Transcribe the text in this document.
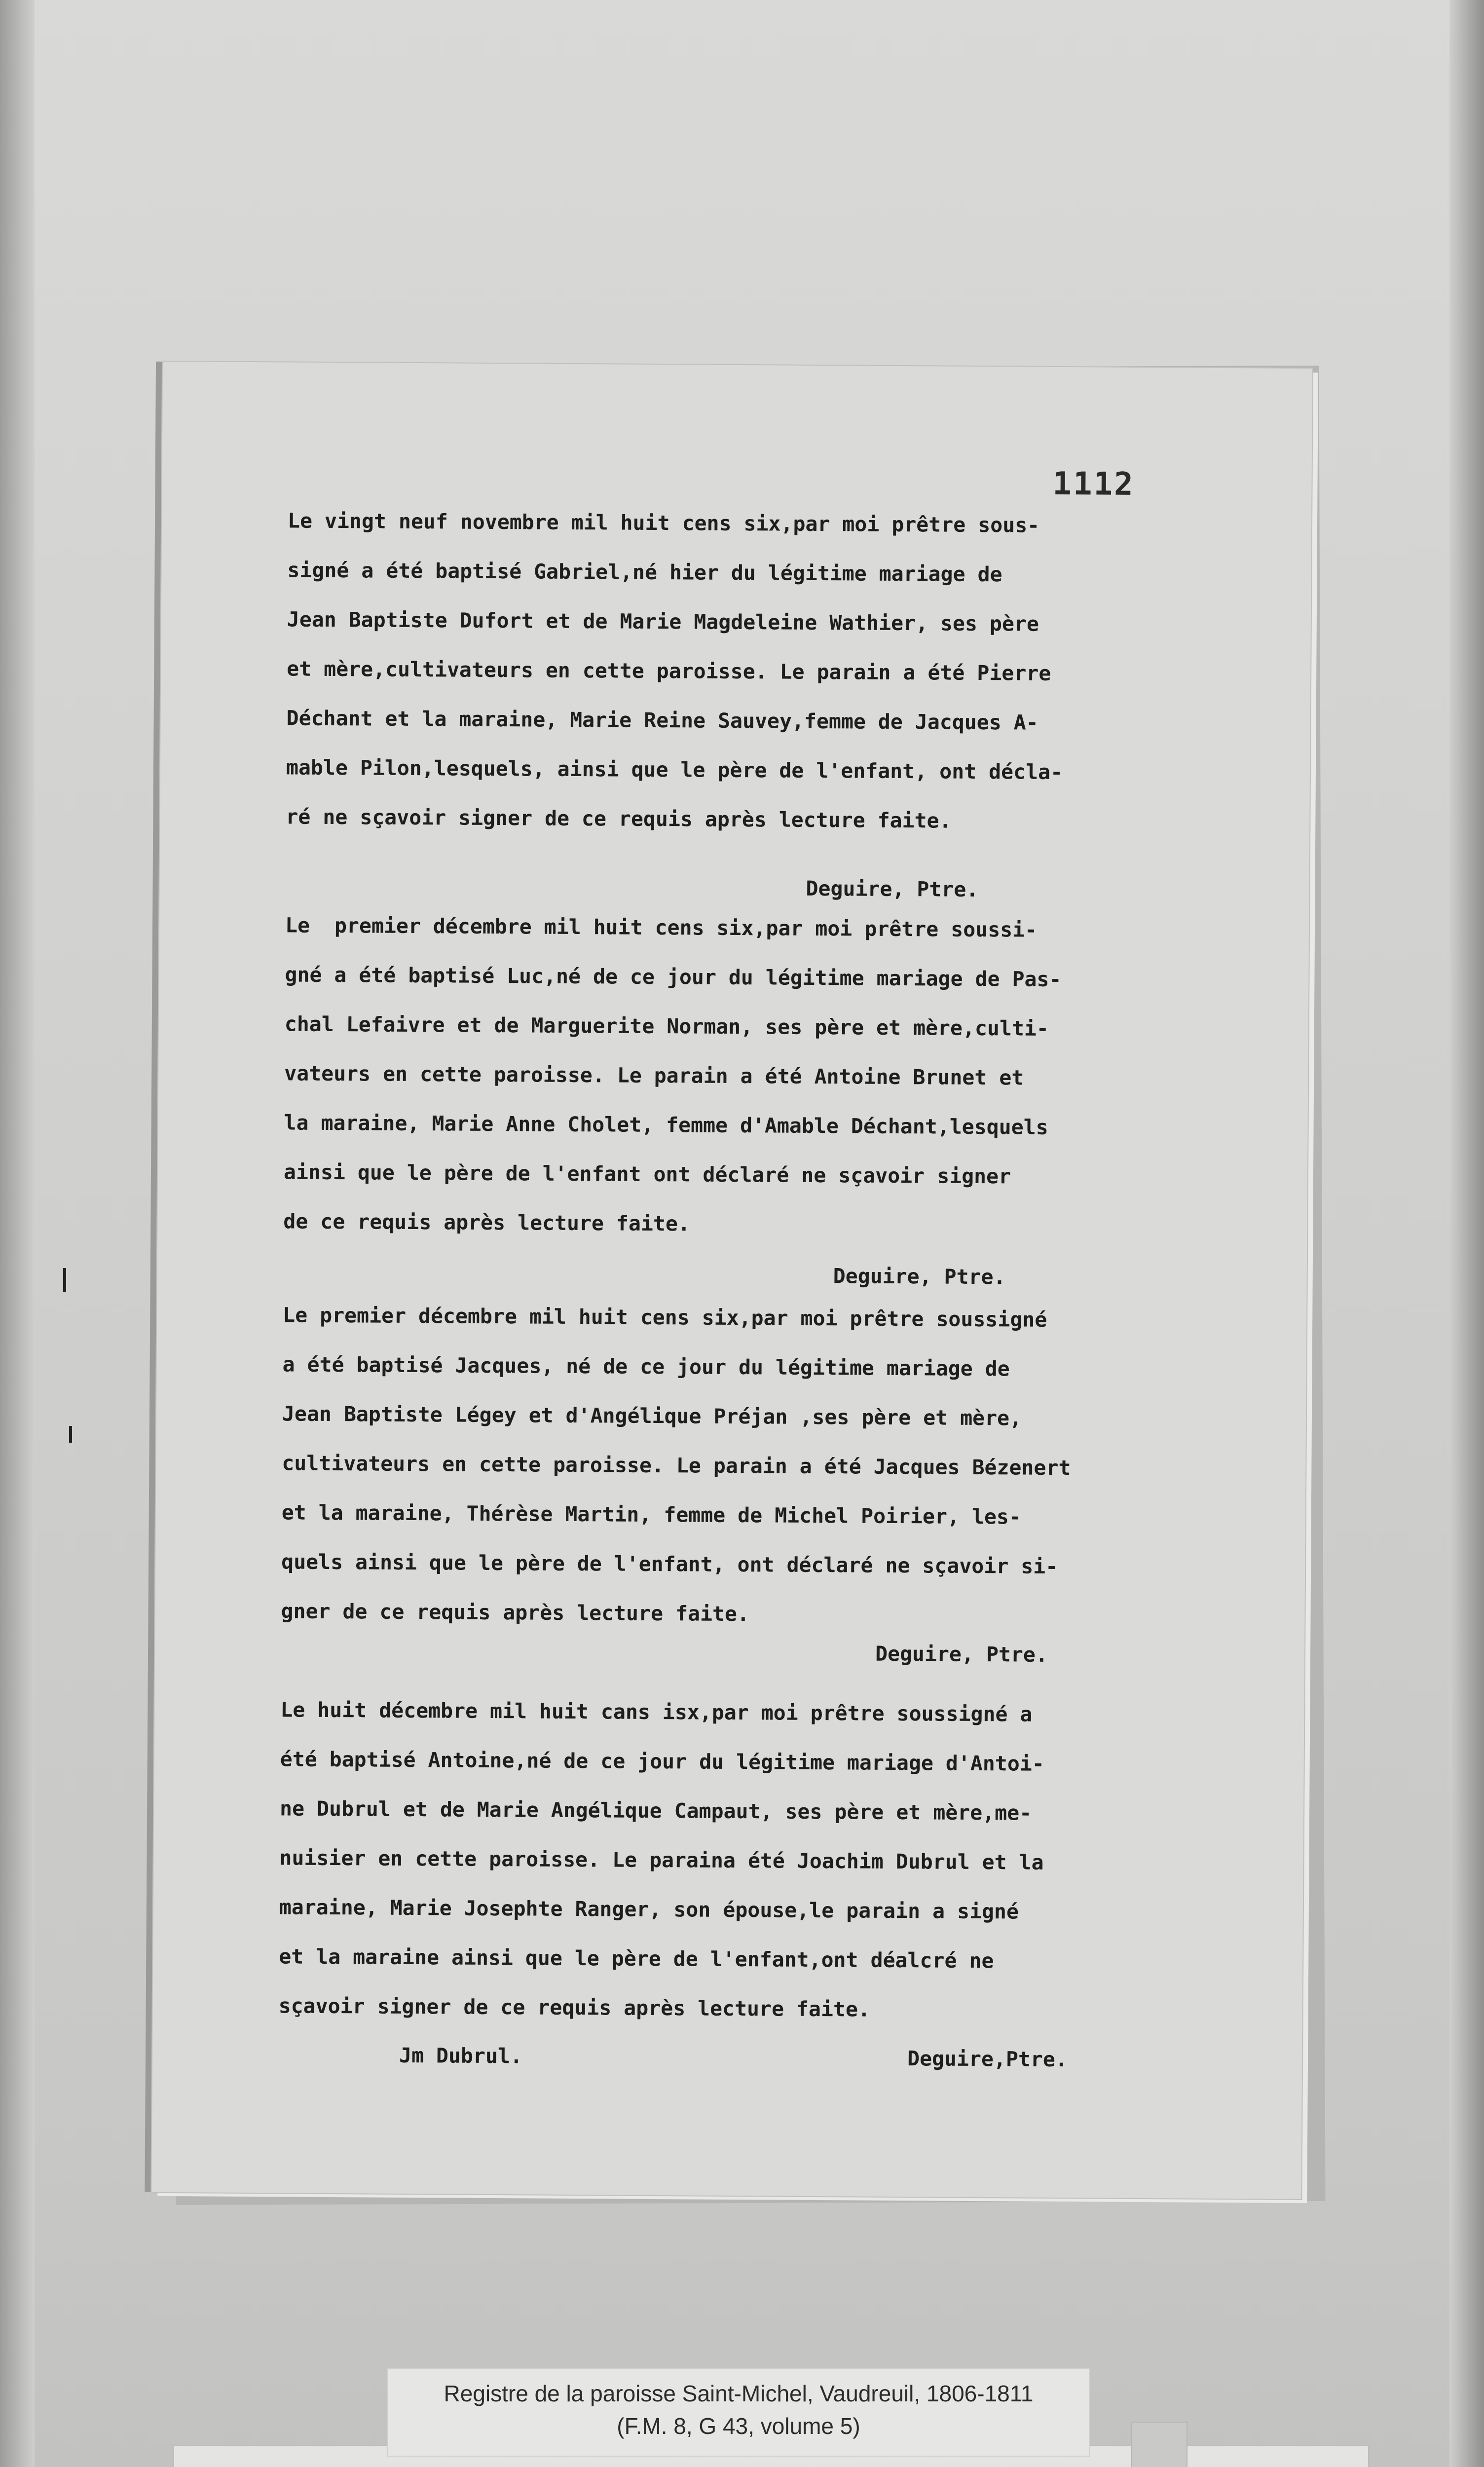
1112
Le vingt neuf novembre mil huit cens six,par moi prêtre sous-
signé a été baptisé Gabriel,né hier du légitime mariage de
Jean Baptiste Dufort et de Marie Magdeleine Wathier, ses père
et mère,cultivateurs en cette paroisse. Le parain a été Pierre
Déchant et la maraine, Marie Reine Sauvey,femme de Jacques A-
mable Pilon,lesquels, ainsi que le père de l'enfant, ont décla-
ré ne sçavoir signer de ce requis après lecture faite.
Deguire, Ptre.
Le  premier décembre mil huit cens six,par moi prêtre soussi-
gné a été baptisé Luc,né de ce jour du légitime mariage de Pas-
chal Lefaivre et de Marguerite Norman, ses père et mère,culti-
vateurs en cette paroisse. Le parain a été Antoine Brunet et
la maraine, Marie Anne Cholet, femme d'Amable Déchant,lesquels
ainsi que le père de l'enfant ont déclaré ne sçavoir signer
de ce requis après lecture faite.
Deguire, Ptre.
Le premier décembre mil huit cens six,par moi prêtre soussigné
a été baptisé Jacques, né de ce jour du légitime mariage de
Jean Baptiste Légey et d'Angélique Préjan ,ses père et mère,
cultivateurs en cette paroisse. Le parain a été Jacques Bézenert
et la maraine, Thérèse Martin, femme de Michel Poirier, les-
quels ainsi que le père de l'enfant, ont déclaré ne sçavoir si-
gner de ce requis après lecture faite.
Deguire, Ptre.
Le huit décembre mil huit cans isx,par moi prêtre soussigné a
été baptisé Antoine,né de ce jour du légitime mariage d'Antoi-
ne Dubrul et de Marie Angélique Campaut, ses père et mère,me-
nuisier en cette paroisse. Le paraina été Joachim Dubrul et la
maraine, Marie Josephte Ranger, son épouse,le parain a signé
et la maraine ainsi que le père de l'enfant,ont déalcré ne
sçavoir signer de ce requis après lecture faite.
Jm Dubrul.	Deguire,Ptre.
Registre de la paroisse Saint-Michel, Vaudreuil, 1806-1811
(F.M. 8, G 43, volume 5)
